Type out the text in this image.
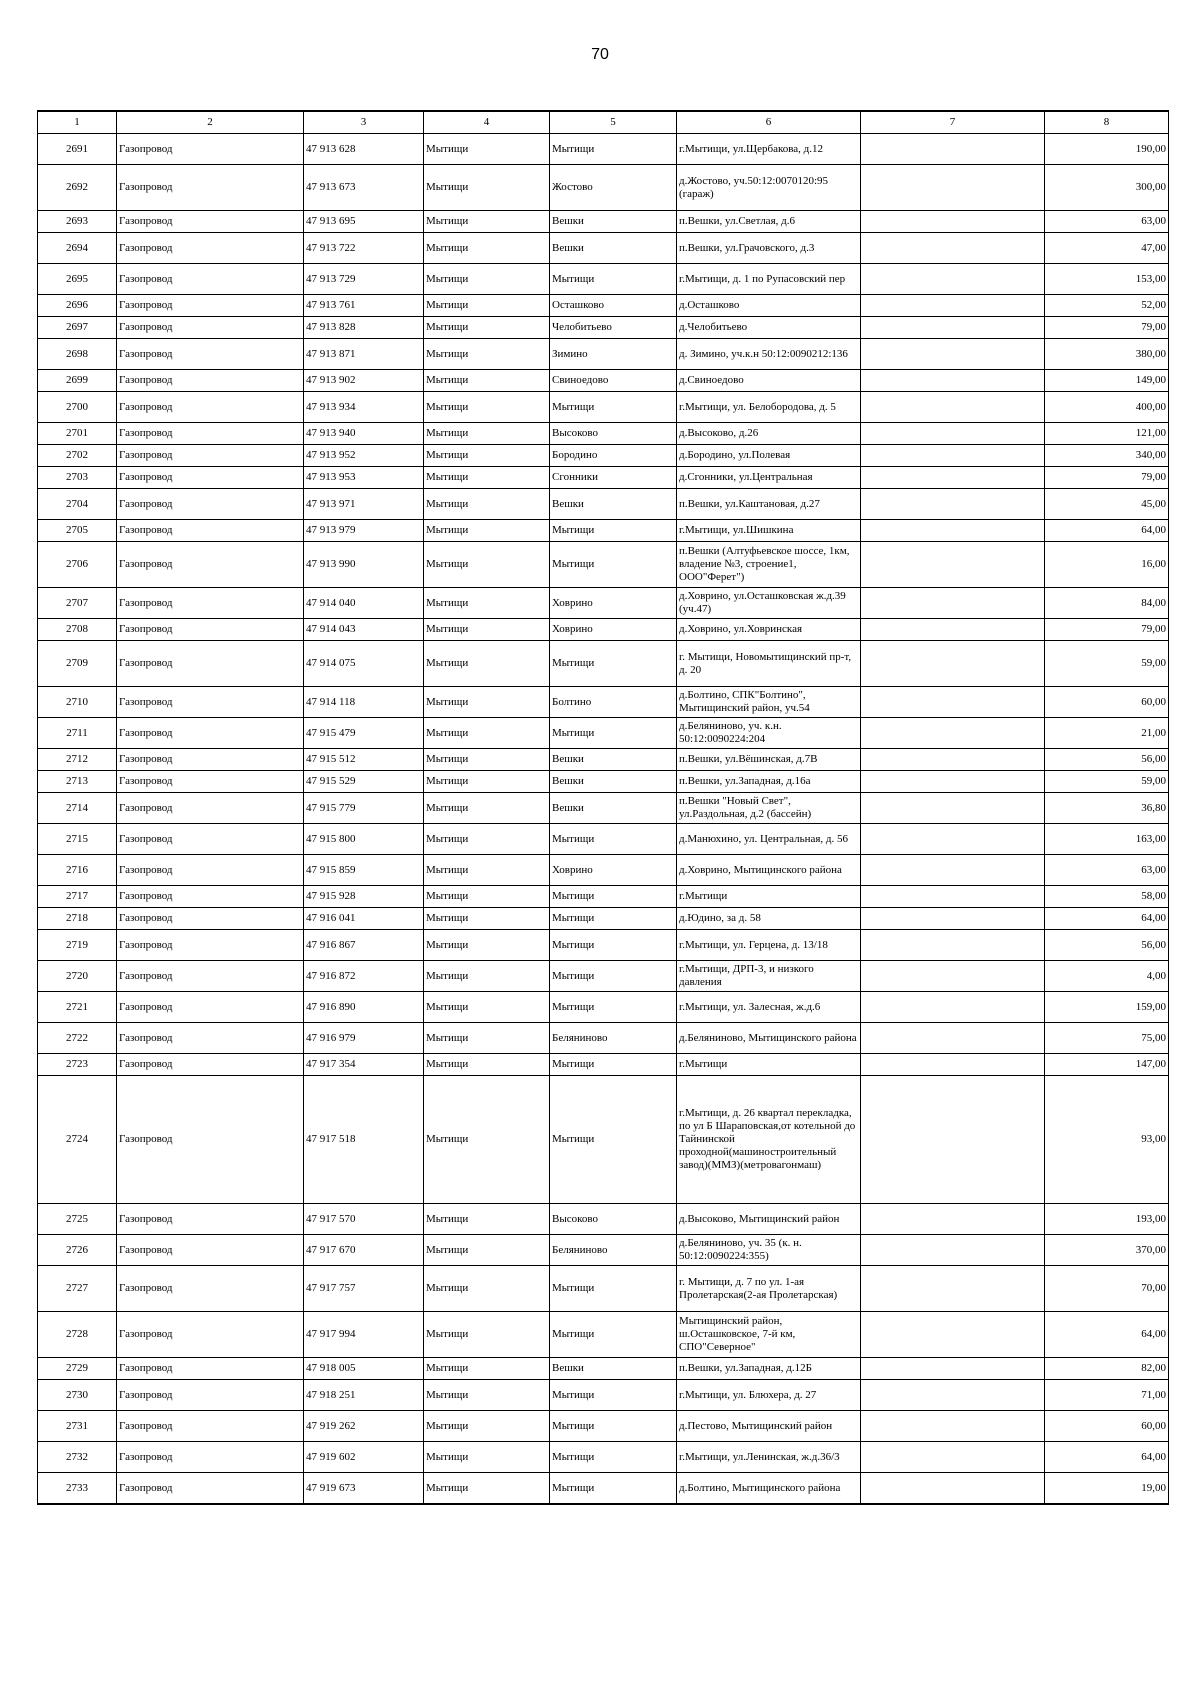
70
1	2	3	4	5	6	7	8
2691	Газопровод	47 913 628	Мытищи	Мытищи	г.Мытищи, ул.Щербакова, д.12		190,00
2692	Газопровод	47 913 673	Мытищи	Жостово	д.Жостово, уч.50:12:0070120:95 (гараж)		300,00
2693	Газопровод	47 913 695	Мытищи	Вешки	п.Вешки, ул.Светлая, д.6		63,00
2694	Газопровод	47 913 722	Мытищи	Вешки	п.Вешки, ул.Грачовского, д.3		47,00
2695	Газопровод	47 913 729	Мытищи	Мытищи	г.Мытищи, д. 1 по Рупасовский пер		153,00
2696	Газопровод	47 913 761	Мытищи	Осташково	д.Осташково		52,00
2697	Газопровод	47 913 828	Мытищи	Челобитьево	д.Челобитьево		79,00
2698	Газопровод	47 913 871	Мытищи	Зимино	д. Зимино, уч.к.н 50:12:0090212:136		380,00
2699	Газопровод	47 913 902	Мытищи	Свиноедово	д.Свиноедово		149,00
2700	Газопровод	47 913 934	Мытищи	Мытищи	г.Мытищи, ул. Белобородова, д. 5		400,00
2701	Газопровод	47 913 940	Мытищи	Высоково	д.Высоково, д.26		121,00
2702	Газопровод	47 913 952	Мытищи	Бородино	д.Бородино, ул.Полевая		340,00
2703	Газопровод	47 913 953	Мытищи	Сгонники	д.Сгонники, ул.Центральная		79,00
2704	Газопровод	47 913 971	Мытищи	Вешки	п.Вешки, ул.Каштановая, д.27		45,00
2705	Газопровод	47 913 979	Мытищи	Мытищи	г.Мытищи, ул.Шишкина		64,00
2706	Газопровод	47 913 990	Мытищи	Мытищи	п.Вешки (Алтуфьевское шоссе, 1км, владение №3, строение1, ООО"Ферет")		16,00
2707	Газопровод	47 914 040	Мытищи	Ховрино	д.Ховрино, ул.Осташковская ж.д.39 (уч.47)		84,00
2708	Газопровод	47 914 043	Мытищи	Ховрино	д.Ховрино, ул.Ховринская		79,00
2709	Газопровод	47 914 075	Мытищи	Мытищи	г. Мытищи, Новомытищинский пр-т, д. 20		59,00
2710	Газопровод	47 914 118	Мытищи	Болтино	д.Болтино, СПК"Болтино", Мытищинский район, уч.54		60,00
2711	Газопровод	47 915 479	Мытищи	Мытищи	д.Беляниново, уч. к.н. 50:12:0090224:204		21,00
2712	Газопровод	47 915 512	Мытищи	Вешки	п.Вешки, ул.Вёшинская, д.7В		56,00
2713	Газопровод	47 915 529	Мытищи	Вешки	п.Вешки, ул.Западная, д.16а		59,00
2714	Газопровод	47 915 779	Мытищи	Вешки	п.Вешки "Новый Свет", ул.Раздольная, д.2 (бассейн)		36,80
2715	Газопровод	47 915 800	Мытищи	Мытищи	д.Манюхино, ул. Центральная, д. 56		163,00
2716	Газопровод	47 915 859	Мытищи	Ховрино	д.Ховрино, Мытищинского района		63,00
2717	Газопровод	47 915 928	Мытищи	Мытищи	г.Мытищи		58,00
2718	Газопровод	47 916 041	Мытищи	Мытищи	д.Юдино, за д. 58		64,00
2719	Газопровод	47 916 867	Мытищи	Мытищи	г.Мытищи, ул. Герцена, д. 13/18		56,00
2720	Газопровод	47 916 872	Мытищи	Мытищи	г.Мытищи, ДРП-3, и низкого давления		4,00
2721	Газопровод	47 916 890	Мытищи	Мытищи	г.Мытищи, ул. Залесная, ж.д.6		159,00
2722	Газопровод	47 916 979	Мытищи	Беляниново	д.Беляниново, Мытищинского района		75,00
2723	Газопровод	47 917 354	Мытищи	Мытищи	г.Мытищи		147,00
2724	Газопровод	47 917 518	Мытищи	Мытищи	г.Мытищи, д. 26 квартал перекладка, по ул Б Шараповская,от котельной до Тайнинской проходной(машиностроительный завод)(ММЗ)(метровагонмаш)		93,00
2725	Газопровод	47 917 570	Мытищи	Высоково	д.Высоково, Мытищинский район		193,00
2726	Газопровод	47 917 670	Мытищи	Беляниново	д.Беляниново, уч. 35 (к. н. 50:12:0090224:355)		370,00
2727	Газопровод	47 917 757	Мытищи	Мытищи	г. Мытищи, д. 7 по ул. 1-ая Пролетарская(2-ая Пролетарская)		70,00
2728	Газопровод	47 917 994	Мытищи	Мытищи	Мытищинский район, ш.Осташковское, 7-й км, СПО"Северное"		64,00
2729	Газопровод	47 918 005	Мытищи	Вешки	п.Вешки, ул.Западная, д.12Б		82,00
2730	Газопровод	47 918 251	Мытищи	Мытищи	г.Мытищи, ул. Блюхера, д. 27		71,00
2731	Газопровод	47 919 262	Мытищи	Мытищи	д.Пестово, Мытищинский район		60,00
2732	Газопровод	47 919 602	Мытищи	Мытищи	г.Мытищи, ул.Ленинская, ж.д.36/3		64,00
2733	Газопровод	47 919 673	Мытищи	Мытищи	д.Болтино, Мытищинского района		19,00
